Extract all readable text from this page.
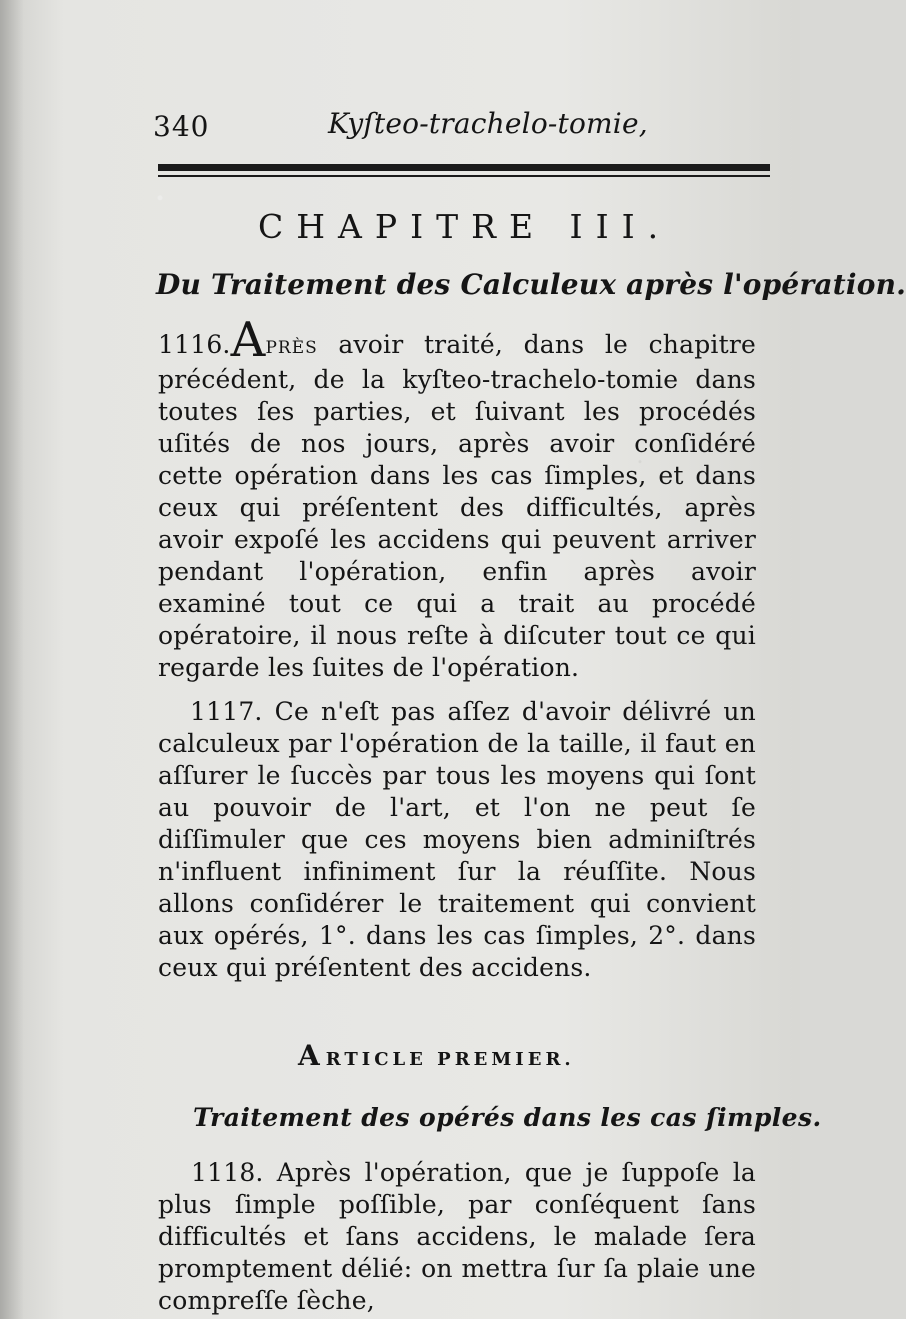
340	Kyſteo-trachelo-tomie,
CHAPITRE III.
Du Traitement des Calculeux après l'opération.

1116.APRÈS avoir traité, dans le chapitre précédent, de la kyſteo-trachelo-tomie dans toutes ſes parties, et ſuivant les procédés uſités de nos jours, après avoir conſidéré cette opération dans les cas ſimples, et dans ceux qui préſentent des difficultés, après avoir expoſé les accidens qui peuvent arriver pendant l'opération, enfin après avoir examiné tout ce qui a trait au procédé opératoire, il nous reſte à diſcuter tout ce qui regarde les ſuites de l'opération.

1117. Ce n'eſt pas aſſez d'avoir délivré un calculeux par l'opération de la taille, il faut en aſſurer le ſuccès par tous les moyens qui ſont au pouvoir de l'art, et l'on ne peut ſe diſſimuler que ces moyens bien adminiſtrés n'influent infiniment ſur la réuſſite. Nous allons conſidérer le traitement qui convient aux opérés, 1°. dans les cas ſimples, 2°. dans ceux qui préſentent des accidens.

ARTICLE PREMIER.
Traitement des opérés dans les cas ſimples.

1118. Après l'opération, que je ſuppoſe la plus ſimple poſſible, par conſéquent ſans difficultés et ſans accidens, le malade ſera promptement délié: on mettra ſur ſa plaie une compreſſe ſèche,
